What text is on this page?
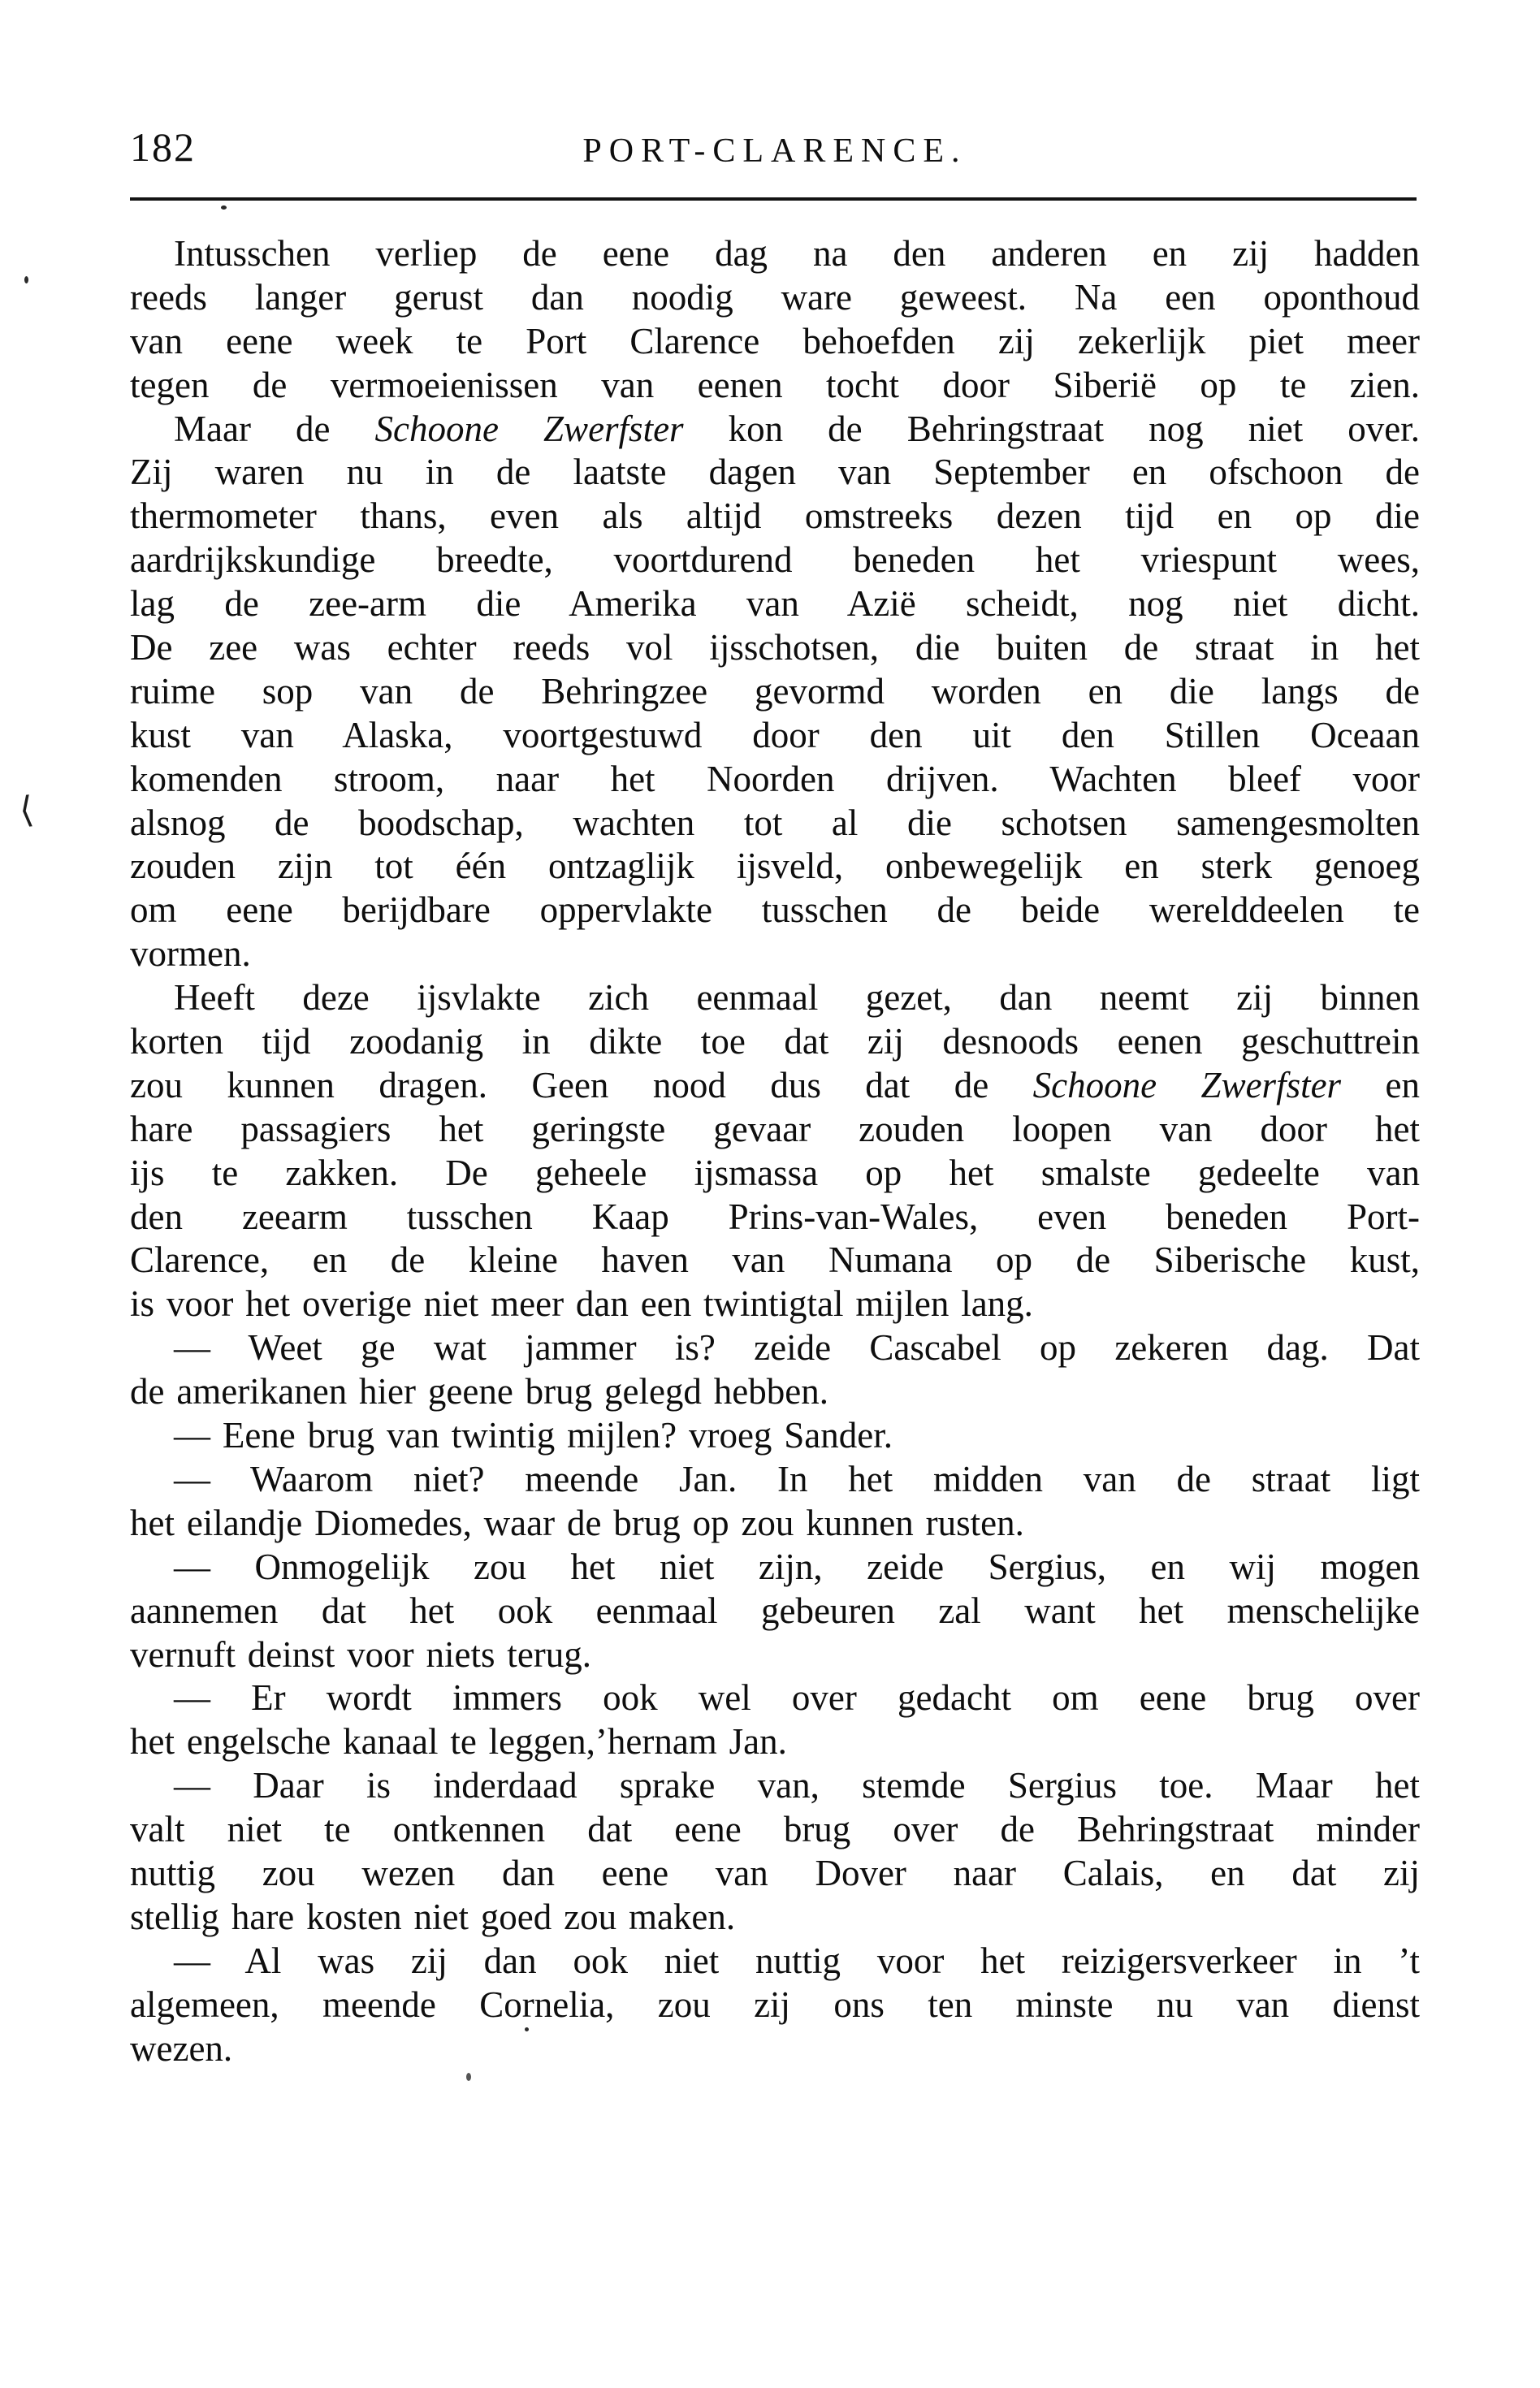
182	PORT-CLARENCE.
⟨
Intusschen verliep de eene dag na den anderen en zij hadden
reeds langer gerust dan noodig ware geweest. Na een oponthoud
van eene week te Port Clarence behoefden zij zekerlijk piet meer
tegen de vermoeienissen van eenen tocht door Siberië op te zien.
Maar de Schoone Zwerfster kon de Behringstraat nog niet over.
Zij waren nu in de laatste dagen van September en ofschoon de
thermometer thans, even als altijd omstreeks dezen tijd en op die
aardrijkskundige breedte, voortdurend beneden het vriespunt wees,
lag de zee-arm die Amerika van Azië scheidt, nog niet dicht.
De zee was echter reeds vol ijsschotsen, die buiten de straat in het
ruime sop van de Behringzee gevormd worden en die langs de
kust van Alaska, voortgestuwd door den uit den Stillen Oceaan
komenden stroom, naar het Noorden drijven. Wachten bleef voor
alsnog de boodschap, wachten tot al die schotsen samengesmolten
zouden zijn tot één ontzaglijk ijsveld, onbewegelijk en sterk genoeg
om eene berijdbare oppervlakte tusschen de beide werelddeelen te
vormen.
Heeft deze ijsvlakte zich eenmaal gezet, dan neemt zij binnen
korten tijd zoodanig in dikte toe dat zij desnoods eenen geschuttrein
zou kunnen dragen. Geen nood dus dat de Schoone Zwerfster en
hare passagiers het geringste gevaar zouden loopen van door het
ijs te zakken. De geheele ijsmassa op het smalste gedeelte van
den zeearm tusschen Kaap Prins-van-Wales, even beneden Port-
Clarence, en de kleine haven van Numana op de Siberische kust,
is voor het overige niet meer dan een twintigtal mijlen lang.
— Weet ge wat jammer is? zeide Cascabel op zekeren dag. Dat
de amerikanen hier geene brug gelegd hebben.
— Eene brug van twintig mijlen? vroeg Sander.
— Waarom niet? meende Jan. In het midden van de straat ligt
het eilandje Diomedes, waar de brug op zou kunnen rusten.
— Onmogelijk zou het niet zijn, zeide Sergius, en wij mogen
aannemen dat het ook eenmaal gebeuren zal want het menschelijke
vernuft deinst voor niets terug.
— Er wordt immers ook wel over gedacht om eene brug over
het engelsche kanaal te leggen,’hernam Jan.
— Daar is inderdaad sprake van, stemde Sergius toe. Maar het
valt niet te ontkennen dat eene brug over de Behringstraat minder
nuttig zou wezen dan eene van Dover naar Calais, en dat zij
stellig hare kosten niet goed zou maken.
— Al was zij dan ook niet nuttig voor het reizigersverkeer in ’t
algemeen, meende Cornelia, zou zij ons ten minste nu van dienst
wezen.
